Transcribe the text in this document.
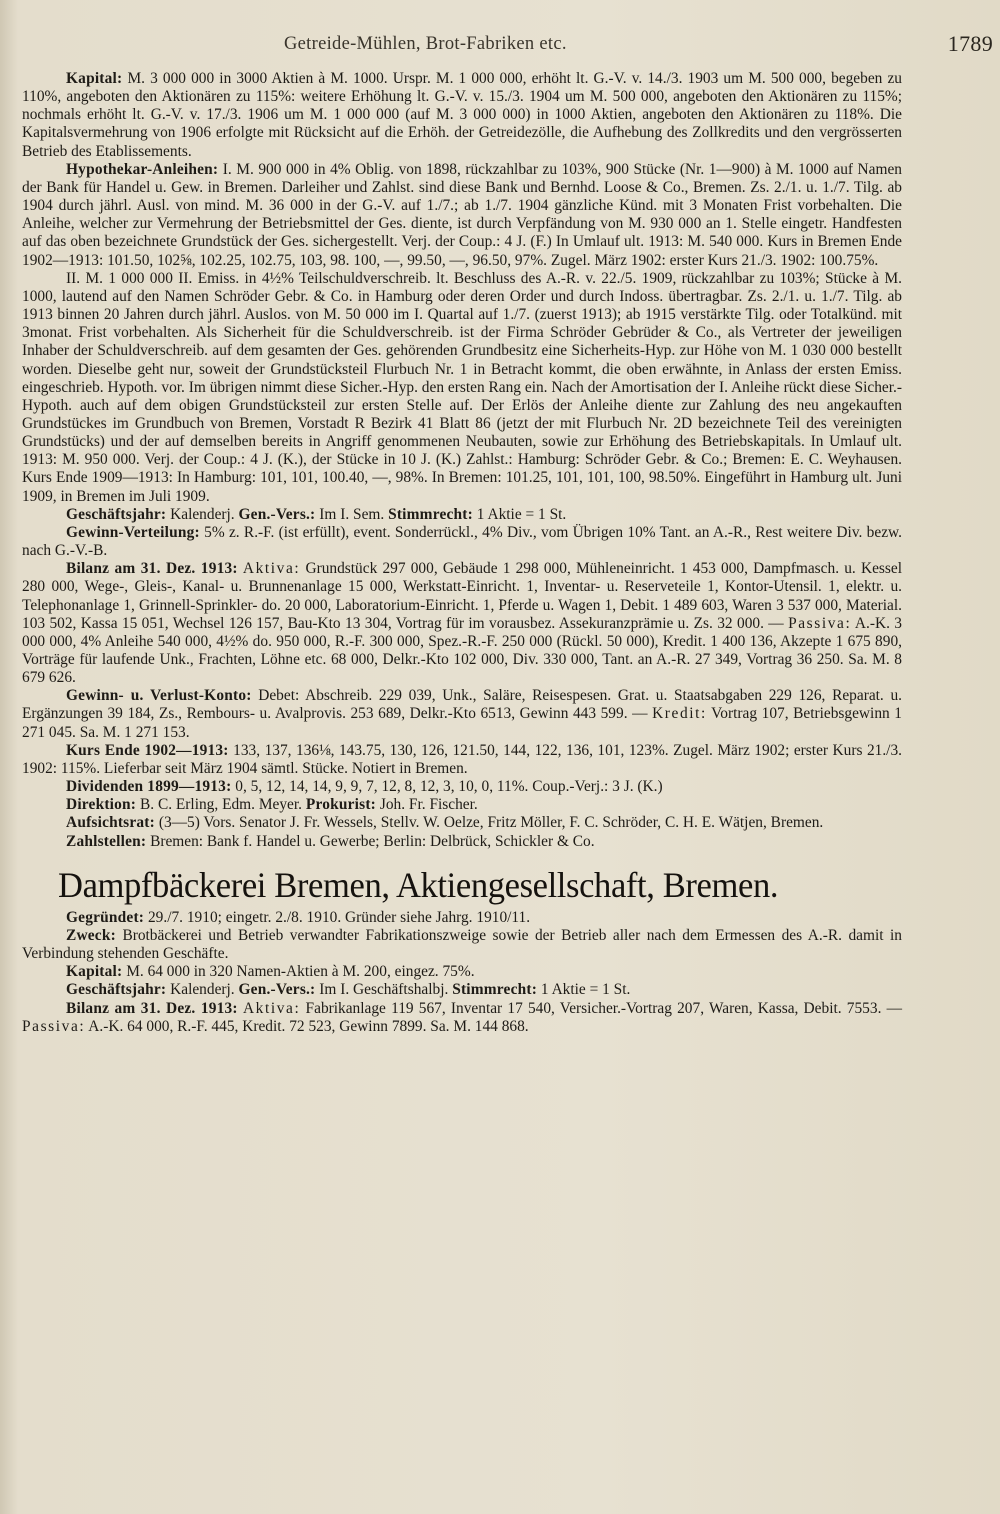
Getreide-Mühlen, Brot-Fabriken etc.	1789

Kapital: M. 3 000 000 in 3000 Aktien à M. 1000. Urspr. M. 1 000 000, erhöht lt. G.-V. v. 14./3. 1903 um M. 500 000, begeben zu 110%, angeboten den Aktionären zu 115%: weitere Erhöhung lt. G.-V. v. 15./3. 1904 um M. 500 000, angeboten den Aktionären zu 115%; nochmals erhöht lt. G.-V. v. 17./3. 1906 um M. 1 000 000 (auf M. 3 000 000) in 1000 Aktien, angeboten den Aktionären zu 118%. Die Kapitalsvermehrung von 1906 erfolgte mit Rücksicht auf die Erhöh. der Getreidezölle, die Aufhebung des Zollkredits und den vergrösserten Betrieb des Etablissements.

Hypothekar-Anleihen: I. M. 900 000 in 4% Oblig. von 1898, rückzahlbar zu 103%, 900 Stücke (Nr. 1—900) à M. 1000 auf Namen der Bank für Handel u. Gew. in Bremen. Darleiher und Zahlst. sind diese Bank und Bernhd. Loose & Co., Bremen. Zs. 2./1. u. 1./7. Tilg. ab 1904 durch jährl. Ausl. von mind. M. 36 000 in der G.-V. auf 1./7.; ab 1./7. 1904 gänzliche Künd. mit 3 Monaten Frist vorbehalten. Die Anleihe, welcher zur Vermehrung der Betriebsmittel der Ges. diente, ist durch Verpfändung von M. 930 000 an 1. Stelle eingetr. Handfesten auf das oben bezeichnete Grundstück der Ges. sichergestellt. Verj. der Coup.: 4 J. (F.) In Umlauf ult. 1913: M. 540 000. Kurs in Bremen Ende 1902—1913: 101.50, 102⅝, 102.25, 102.75, 103, 98. 100, —, 99.50, —, 96.50, 97%. Zugel. März 1902: erster Kurs 21./3. 1902: 100.75%.

II. M. 1 000 000 II. Emiss. in 4½% Teilschuldverschreib. lt. Beschluss des A.-R. v. 22./5. 1909, rückzahlbar zu 103%; Stücke à M. 1000, lautend auf den Namen Schröder Gebr. & Co. in Hamburg oder deren Order und durch Indoss. übertragbar. Zs. 2./1. u. 1./7. Tilg. ab 1913 binnen 20 Jahren durch jährl. Auslos. von M. 50 000 im I. Quartal auf 1./7. (zuerst 1913); ab 1915 verstärkte Tilg. oder Totalkünd. mit 3monat. Frist vorbehalten. Als Sicherheit für die Schuldverschreib. ist der Firma Schröder Gebrüder & Co., als Vertreter der jeweiligen Inhaber der Schuldverschreib. auf dem gesamten der Ges. gehörenden Grundbesitz eine Sicherheits-Hyp. zur Höhe von M. 1 030 000 bestellt worden. Dieselbe geht nur, soweit der Grundstücksteil Flurbuch Nr. 1 in Betracht kommt, die oben erwähnte, in Anlass der ersten Emiss. eingeschrieb. Hypoth. vor. Im übrigen nimmt diese Sicher.-Hyp. den ersten Rang ein. Nach der Amortisation der I. Anleihe rückt diese Sicher.-Hypoth. auch auf dem obigen Grundstücksteil zur ersten Stelle auf. Der Erlös der Anleihe diente zur Zahlung des neu angekauften Grundstückes im Grundbuch von Bremen, Vorstadt R Bezirk 41 Blatt 86 (jetzt der mit Flurbuch Nr. 2D bezeichnete Teil des vereinigten Grundstücks) und der auf demselben bereits in Angriff genommenen Neubauten, sowie zur Erhöhung des Betriebskapitals. In Umlauf ult. 1913: M. 950 000. Verj. der Coup.: 4 J. (K.), der Stücke in 10 J. (K.) Zahlst.: Hamburg: Schröder Gebr. & Co.; Bremen: E. C. Weyhausen. Kurs Ende 1909—1913: In Hamburg: 101, 101, 100.40, —, 98%. In Bremen: 101.25, 101, 101, 100, 98.50%. Eingeführt in Hamburg ult. Juni 1909, in Bremen im Juli 1909.

Geschäftsjahr: Kalenderj. Gen.-Vers.: Im I. Sem. Stimmrecht: 1 Aktie = 1 St.

Gewinn-Verteilung: 5% z. R.-F. (ist erfüllt), event. Sonderrückl., 4% Div., vom Übrigen 10% Tant. an A.-R., Rest weitere Div. bezw. nach G.-V.-B.

Bilanz am 31. Dez. 1913: Aktiva: Grundstück 297 000, Gebäude 1 298 000, Mühleneinricht. 1 453 000, Dampfmasch. u. Kessel 280 000, Wege-, Gleis-, Kanal- u. Brunnenanlage 15 000, Werkstatt-Einricht. 1, Inventar- u. Reserveteile 1, Kontor-Utensil. 1, elektr. u. Telephonanlage 1, Grinnell-Sprinkler- do. 20 000, Laboratorium-Einricht. 1, Pferde u. Wagen 1, Debit. 1 489 603, Waren 3 537 000, Material. 103 502, Kassa 15 051, Wechsel 126 157, Bau-Kto 13 304, Vortrag für im vorausbez. Assekuranzprämie u. Zs. 32 000. — Passiva: A.-K. 3 000 000, 4% Anleihe 540 000, 4½% do. 950 000, R.-F. 300 000, Spez.-R.-F. 250 000 (Rückl. 50 000), Kredit. 1 400 136, Akzepte 1 675 890, Vorträge für laufende Unk., Frachten, Löhne etc. 68 000, Delkr.-Kto 102 000, Div. 330 000, Tant. an A.-R. 27 349, Vortrag 36 250. Sa. M. 8 679 626.

Gewinn- u. Verlust-Konto: Debet: Abschreib. 229 039, Unk., Saläre, Reisespesen. Grat. u. Staatsabgaben 229 126, Reparat. u. Ergänzungen 39 184, Zs., Rembours- u. Avalprovis. 253 689, Delkr.-Kto 6513, Gewinn 443 599. — Kredit: Vortrag 107, Betriebsgewinn 1 271 045. Sa. M. 1 271 153.

Kurs Ende 1902—1913: 133, 137, 136⅛, 143.75, 130, 126, 121.50, 144, 122, 136, 101, 123%. Zugel. März 1902; erster Kurs 21./3. 1902: 115%. Lieferbar seit März 1904 sämtl. Stücke. Notiert in Bremen.

Dividenden 1899—1913: 0, 5, 12, 14, 14, 9, 9, 7, 12, 8, 12, 3, 10, 0, 11%. Coup.-Verj.: 3 J. (K.)

Direktion: B. C. Erling, Edm. Meyer. Prokurist: Joh. Fr. Fischer.

Aufsichtsrat: (3—5) Vors. Senator J. Fr. Wessels, Stellv. W. Oelze, Fritz Möller, F. C. Schröder, C. H. E. Wätjen, Bremen.

Zahlstellen: Bremen: Bank f. Handel u. Gewerbe; Berlin: Delbrück, Schickler & Co.

Dampfbäckerei Bremen, Aktiengesellschaft, Bremen.

Gegründet: 29./7. 1910; eingetr. 2./8. 1910. Gründer siehe Jahrg. 1910/11.

Zweck: Brotbäckerei und Betrieb verwandter Fabrikationszweige sowie der Betrieb aller nach dem Ermessen des A.-R. damit in Verbindung stehenden Geschäfte.

Kapital: M. 64 000 in 320 Namen-Aktien à M. 200, eingez. 75%.

Geschäftsjahr: Kalenderj. Gen.-Vers.: Im I. Geschäftshalbj. Stimmrecht: 1 Aktie = 1 St.

Bilanz am 31. Dez. 1913: Aktiva: Fabrikanlage 119 567, Inventar 17 540, Versicher.-Vortrag 207, Waren, Kassa, Debit. 7553. — Passiva: A.-K. 64 000, R.-F. 445, Kredit. 72 523, Gewinn 7899. Sa. M. 144 868.
